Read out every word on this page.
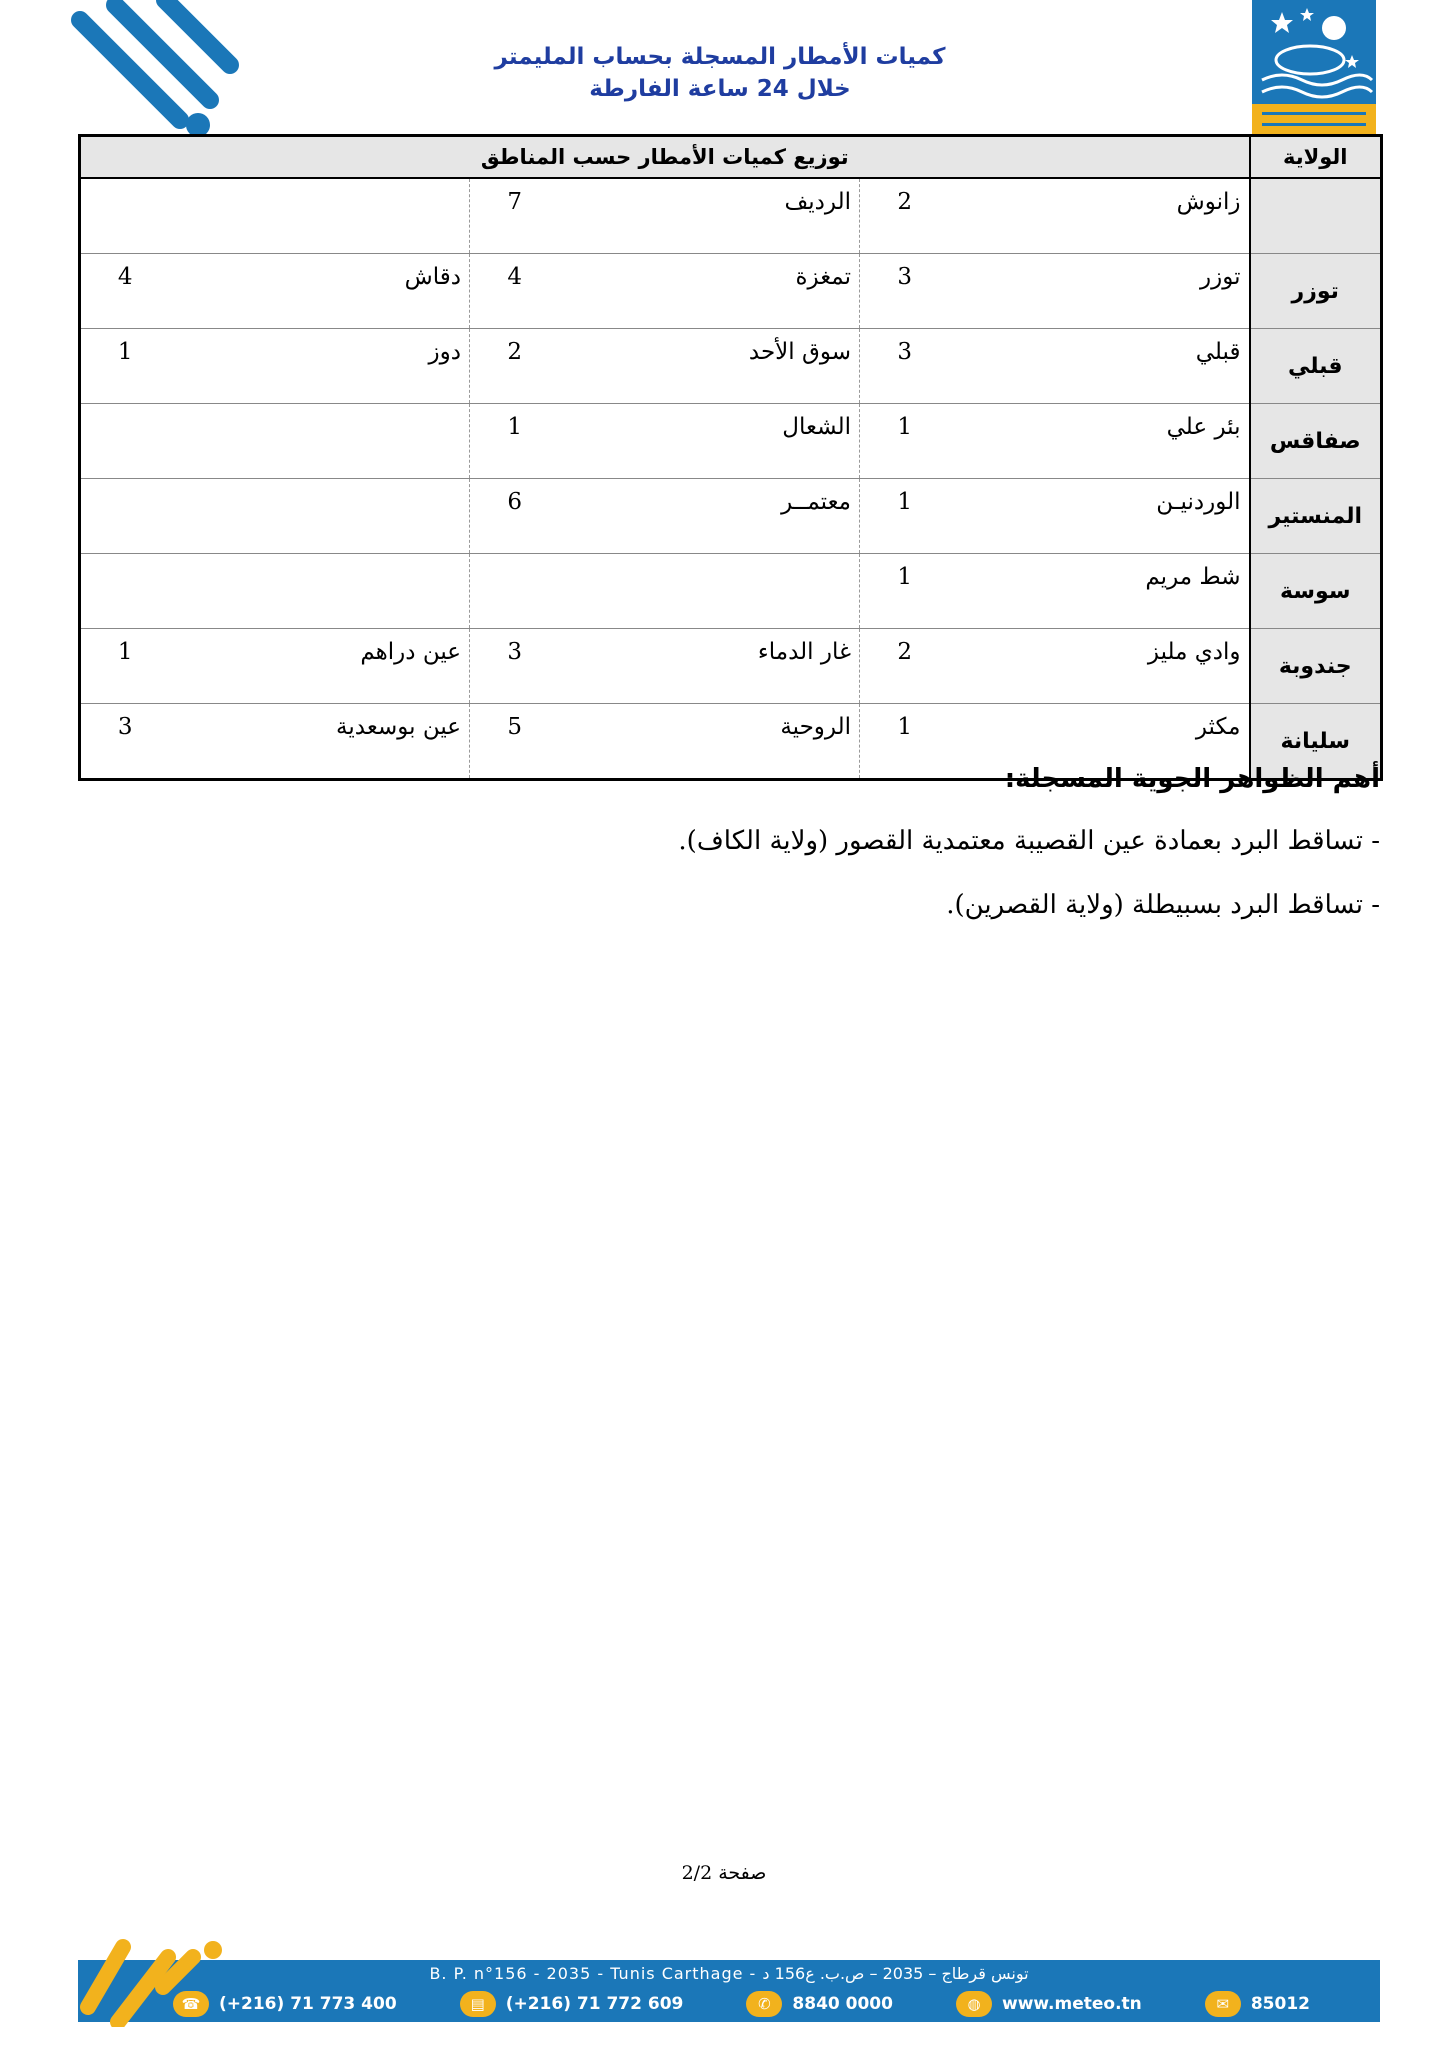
كميات الأمطار المسجلة بحساب المليمتر
خلال 24 ساعة الفارطة
الولاية	توزيع كميات الأمطار حسب المناطق					
	زانوش	2	الرديف	7		
توزر	توزر	3	تمغزة	4	دقاش	4
قبلي	قبلي	3	سوق الأحد	2	دوز	1
صفاقس	بئر علي	1	الشعال	1		
المنستير	الوردنيـن	1	معتمــر	6		
سوسة	شط مريم	1				
جندوبة	وادي مليز	2	غار الدماء	3	عين دراهم	1
سليانة	مكثر	1	الروحية	5	عين بوسعدية	3
أهم الظواهر الجوية المسجلة:
- تساقط البرد بعمادة عين القصيبة معتمدية القصور (ولاية الكاف).
- تساقط البرد بسبيطلة (ولاية القصرين).
صفحة 2/2
B. P. n°156 - 2035 - Tunis Carthage - تونس قرطاج – 2035 – ص.ب. ع156 د
☎	(+216) 71 773 400	▤	(+216) 71 772 609	✆	8840 0000	◍	www.meteo.tn	✉	85012
